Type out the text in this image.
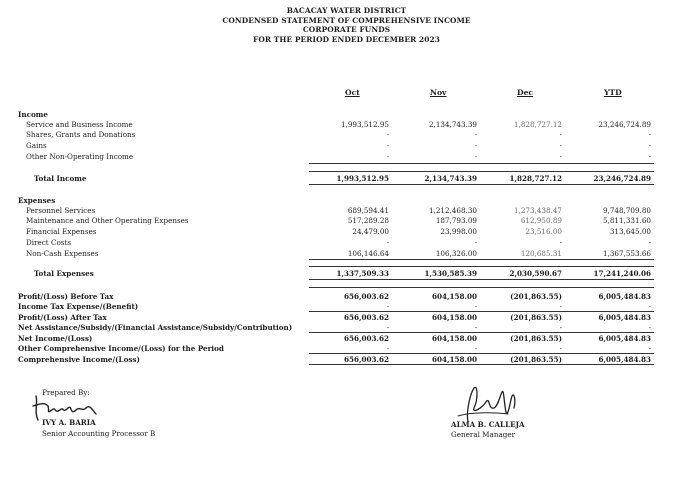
BACACAY WATER DISTRICT
CONDENSED STATEMENT OF COMPREHENSIVE INCOME
CORPORATE FUNDS
FOR THE PERIOD ENDED DECEMBER 2023
Oct	Nov	Dec	YTD
Income
Service and Business Income	1,993,512.95	2,134,743.39	1,828,727.12	23,246,724.89
Shares, Grants and Donations	-	-	-	-
Gains	-	-	-	-
Other Non-Operating Income	-	-	-	-
Total Income	1,993,512.95	2,134,743.39	1,828,727.12	23,246,724.89
Expenses
Personnel Services	689,594.41	1,212,468.30	1,273,438.47	9,748,709.80
Maintenance and Other Operating Expenses	517,289.28	187,793.09	612,950.89	5,811,331.60
Financial Expenses	24,479.00	23,998.00	23,516.00	313,645.00
Direct Costs	-	-	-	-
Non-Cash Expenses	106,146.64	106,326.00	120,685.31	1,367,553.66
Total Expenses	1,337,509.33	1,530,585.39	2,030,590.67	17,241,240.06
Profit/(Loss) Before Tax	656,003.62	604,158.00	(201,863.55)	6,005,484.83
Income Tax Expense/(Benefit)	-	-	-	-
Profit/(Loss) After Tax	656,003.62	604,158.00	(201,863.55)	6,005,484.83
Net Assistance/Subsidy/(Financial Assistance/Subsidy/Contribution)	-	-	-	-
Net Income/(Loss)	656,003.62	604,158.00	(201,863.55)	6,005,484.83
Other Comprehensive Income/(Loss) for the Period	-	-	-	-
Comprehensive Income/(Loss)	656,003.62	604,158.00	(201,863.55)	6,005,484.83
Prepared By:
IVY A. BARIA
Senior Accounting Processor B
ALMA B. CALLEJA
General Manager
